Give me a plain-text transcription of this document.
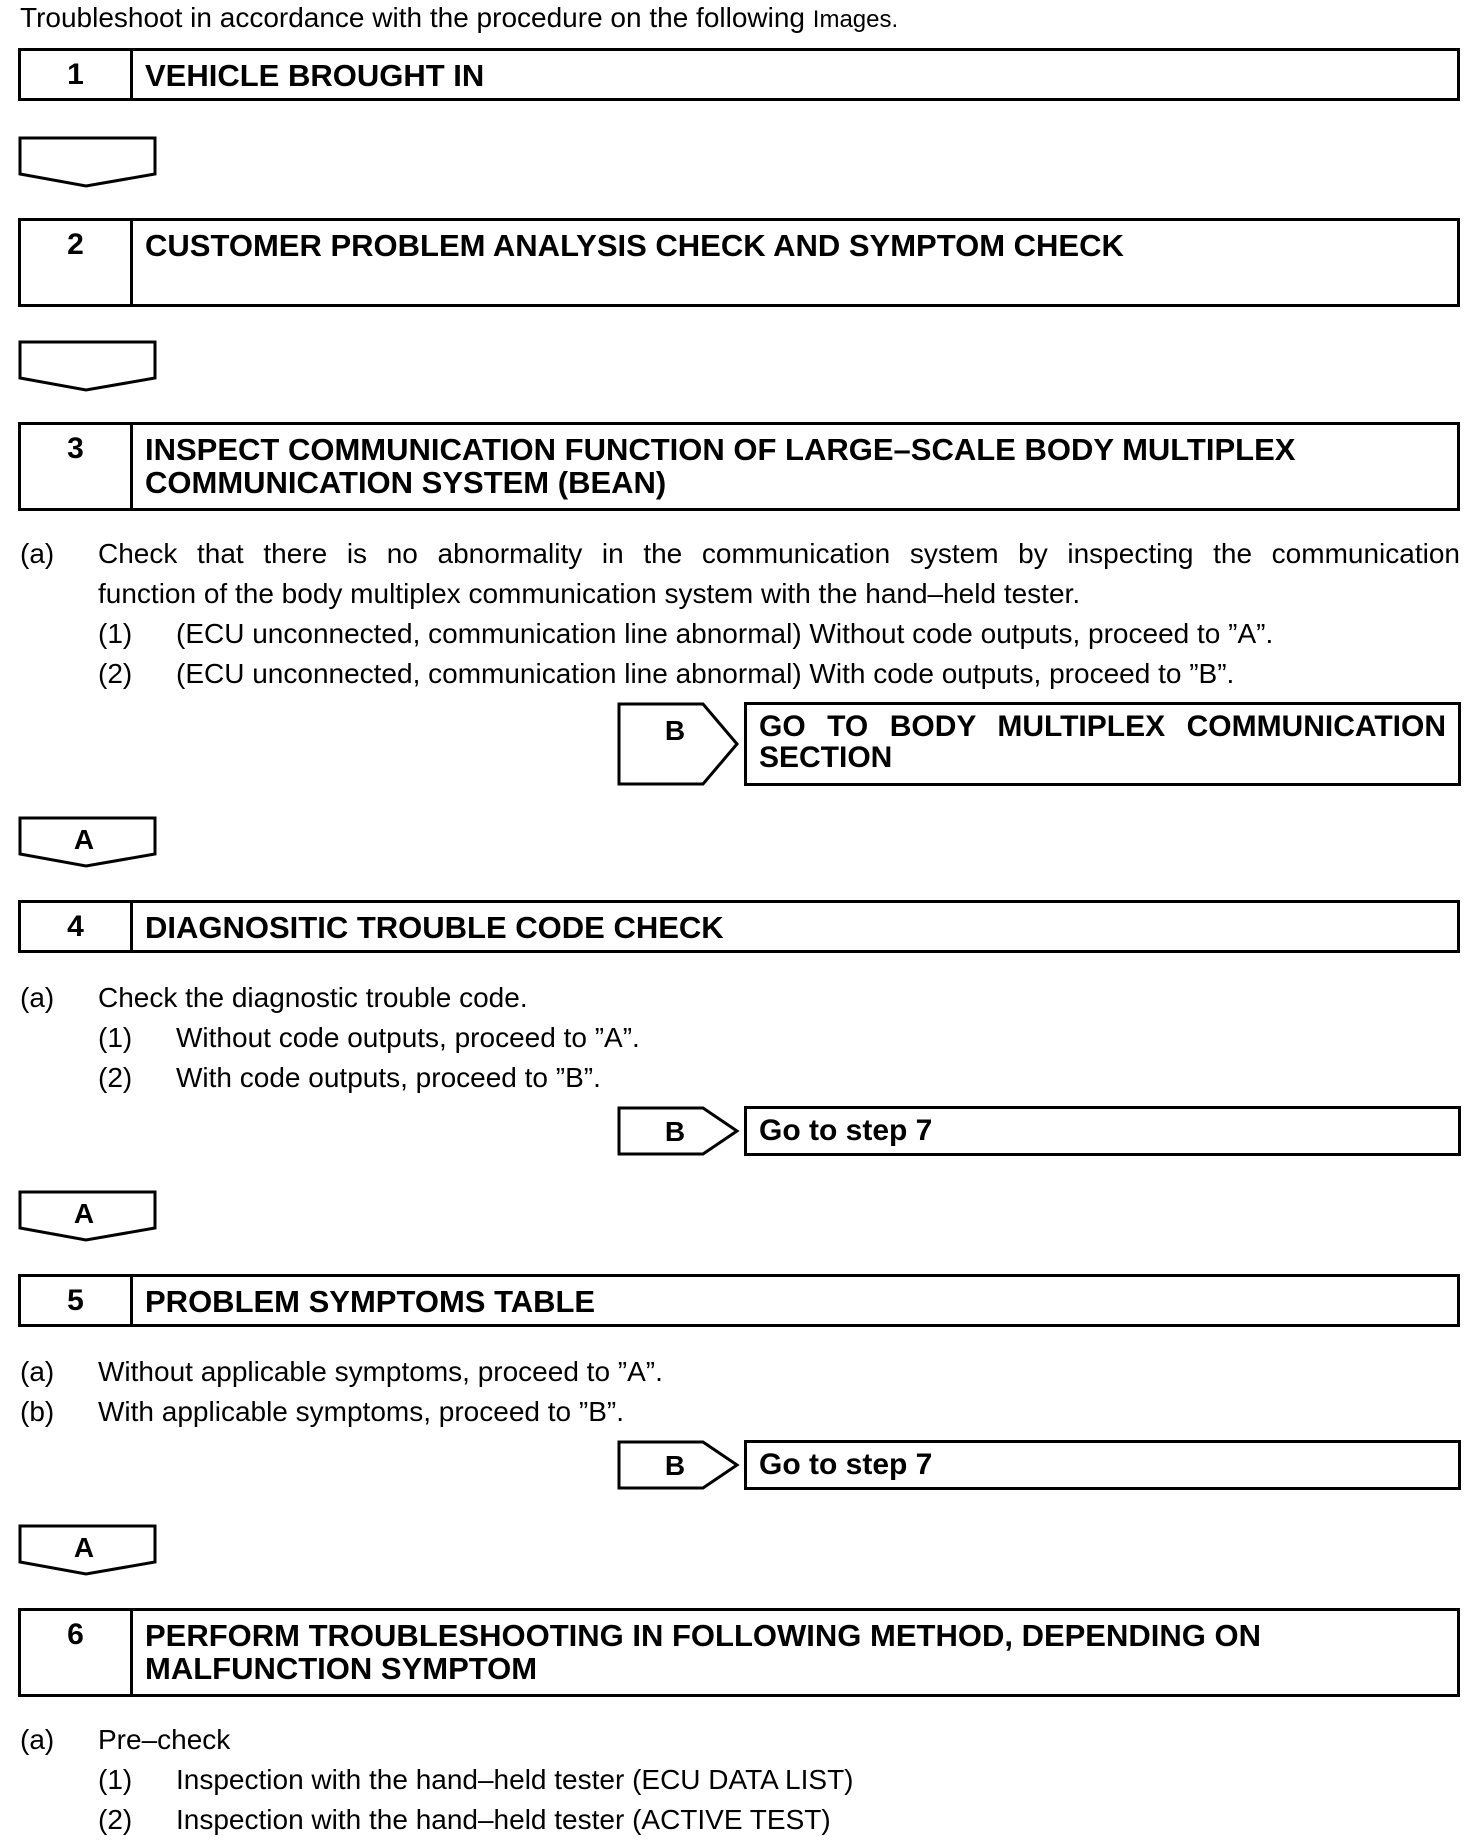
Troubleshoot in accordance with the procedure on the following Images.
1	VEHICLE BROUGHT IN
2	CUSTOMER PROBLEM ANALYSIS CHECK AND SYMPTOM CHECK
3	INSPECT COMMUNICATION FUNCTION OF LARGE–SCALE BODY MULTIPLEX
COMMUNICATION SYSTEM (BEAN)
(a) Check that there is no abnormality in the communication system by inspecting the communication
function of the body multiplex communication system with the hand–held tester.
(1) (ECU unconnected, communication line abnormal) Without code outputs, proceed to ”A”.
(2) (ECU unconnected, communication line abnormal) With code outputs, proceed to ”B”.
B GO TO BODY MULTIPLEX COMMUNICATION
SECTION
A
4	DIAGNOSITIC TROUBLE CODE CHECK
(a) Check the diagnostic trouble code.
(1) Without code outputs, proceed to ”A”.
(2) With code outputs, proceed to ”B”.
B	Go to step 7
A
5	PROBLEM SYMPTOMS TABLE
(a) Without applicable symptoms, proceed to ”A”.
(b) With applicable symptoms, proceed to ”B”.
B	Go to step 7
A
6	PERFORM TROUBLESHOOTING IN FOLLOWING METHOD, DEPENDING ON
MALFUNCTION SYMPTOM
(a) Pre–check
(1) Inspection with the hand–held tester (ECU DATA LIST)
(2) Inspection with the hand–held tester (ACTIVE TEST)
